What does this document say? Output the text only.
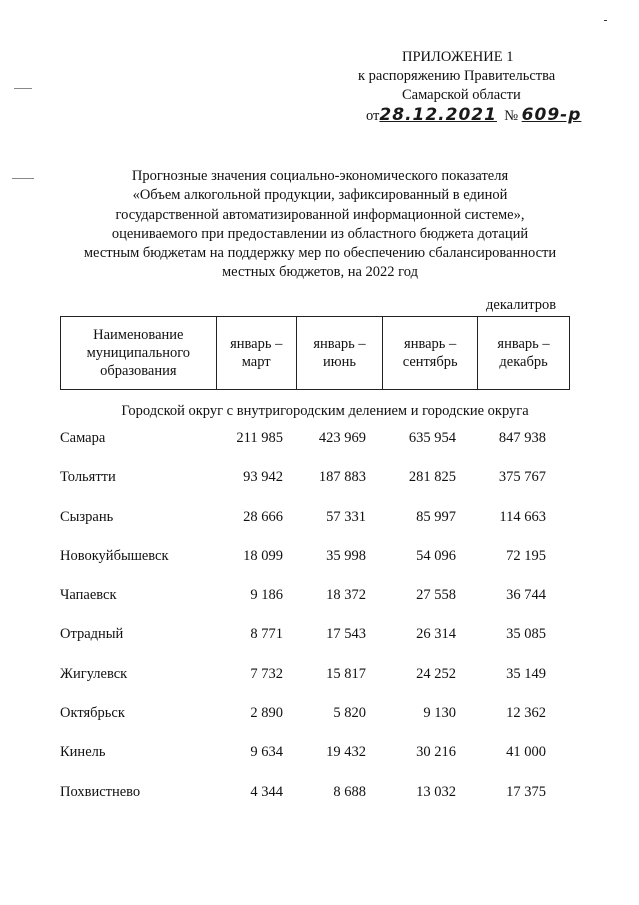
ПРИЛОЖЕНИЕ 1
к распоряжению Правительства
Самарской области
от28.12.2021 № 609-р
Прогнозные значения социально-экономического показателя
«Объем алкогольной продукции, зафиксированный в единой
государственной автоматизированной информационной системе»,
оцениваемого при предоставлении из областного бюджета дотаций
местным бюджетам на поддержку мер по обеспечению сбалансированности
местных бюджетов, на 2022 год
декалитров
Наименование
муниципального
образования

январь –
март

январь –
июнь

январь –
сентябрь

январь –
декабрь
Городской округ с внутригородским делением и городские округа
Самара	211 985	423 969	635 954	847 938
Тольятти	93 942	187 883	281 825	375 767
Сызрань	28 666	57 331	85 997	114 663
Новокуйбышевск	18 099	35 998	54 096	72 195
Чапаевск	9 186	18 372	27 558	36 744
Отрадный	8 771	17 543	26 314	35 085
Жигулевск	7 732	15 817	24 252	35 149
Октябрьск	2 890	5 820	9 130	12 362
Кинель	9 634	19 432	30 216	41 000
Похвистнево	4 344	8 688	13 032	17 375
